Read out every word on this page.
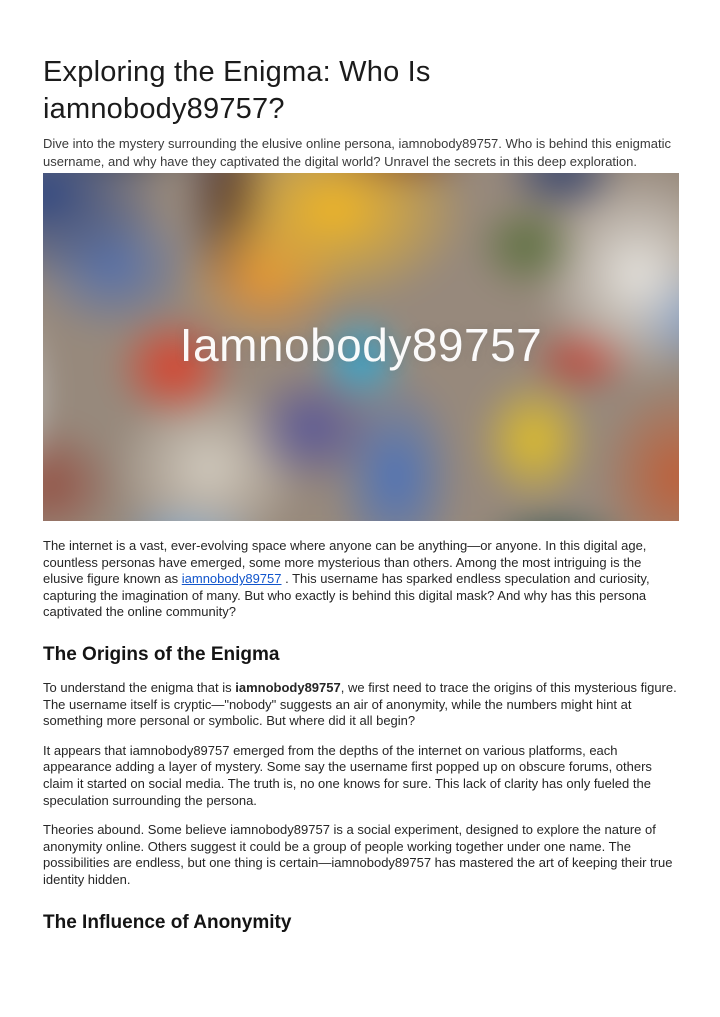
Exploring the Enigma: Who Is iamnobody89757?

Dive into the mystery surrounding the elusive online persona, iamnobody89757. Who is behind this enigmatic username, and why have they captivated the digital world? Unravel the secrets in this deep exploration.

Iamnobody89757

The internet is a vast, ever-evolving space where anyone can be anything—or anyone. In this digital age, countless personas have emerged, some more mysterious than others. Among the most intriguing is the elusive figure known as iamnobody89757 . This username has sparked endless speculation and curiosity, capturing the imagination of many. But who exactly is behind this digital mask? And why has this persona captivated the online community?

The Origins of the Enigma

To understand the enigma that is iamnobody89757, we first need to trace the origins of this mysterious figure. The username itself is cryptic—"nobody" suggests an air of anonymity, while the numbers might hint at something more personal or symbolic. But where did it all begin?

It appears that iamnobody89757 emerged from the depths of the internet on various platforms, each appearance adding a layer of mystery. Some say the username first popped up on obscure forums, others claim it started on social media. The truth is, no one knows for sure. This lack of clarity has only fueled the speculation surrounding the persona.

Theories abound. Some believe iamnobody89757 is a social experiment, designed to explore the nature of anonymity online. Others suggest it could be a group of people working together under one name. The possibilities are endless, but one thing is certain—iamnobody89757 has mastered the art of keeping their true identity hidden.

The Influence of Anonymity
